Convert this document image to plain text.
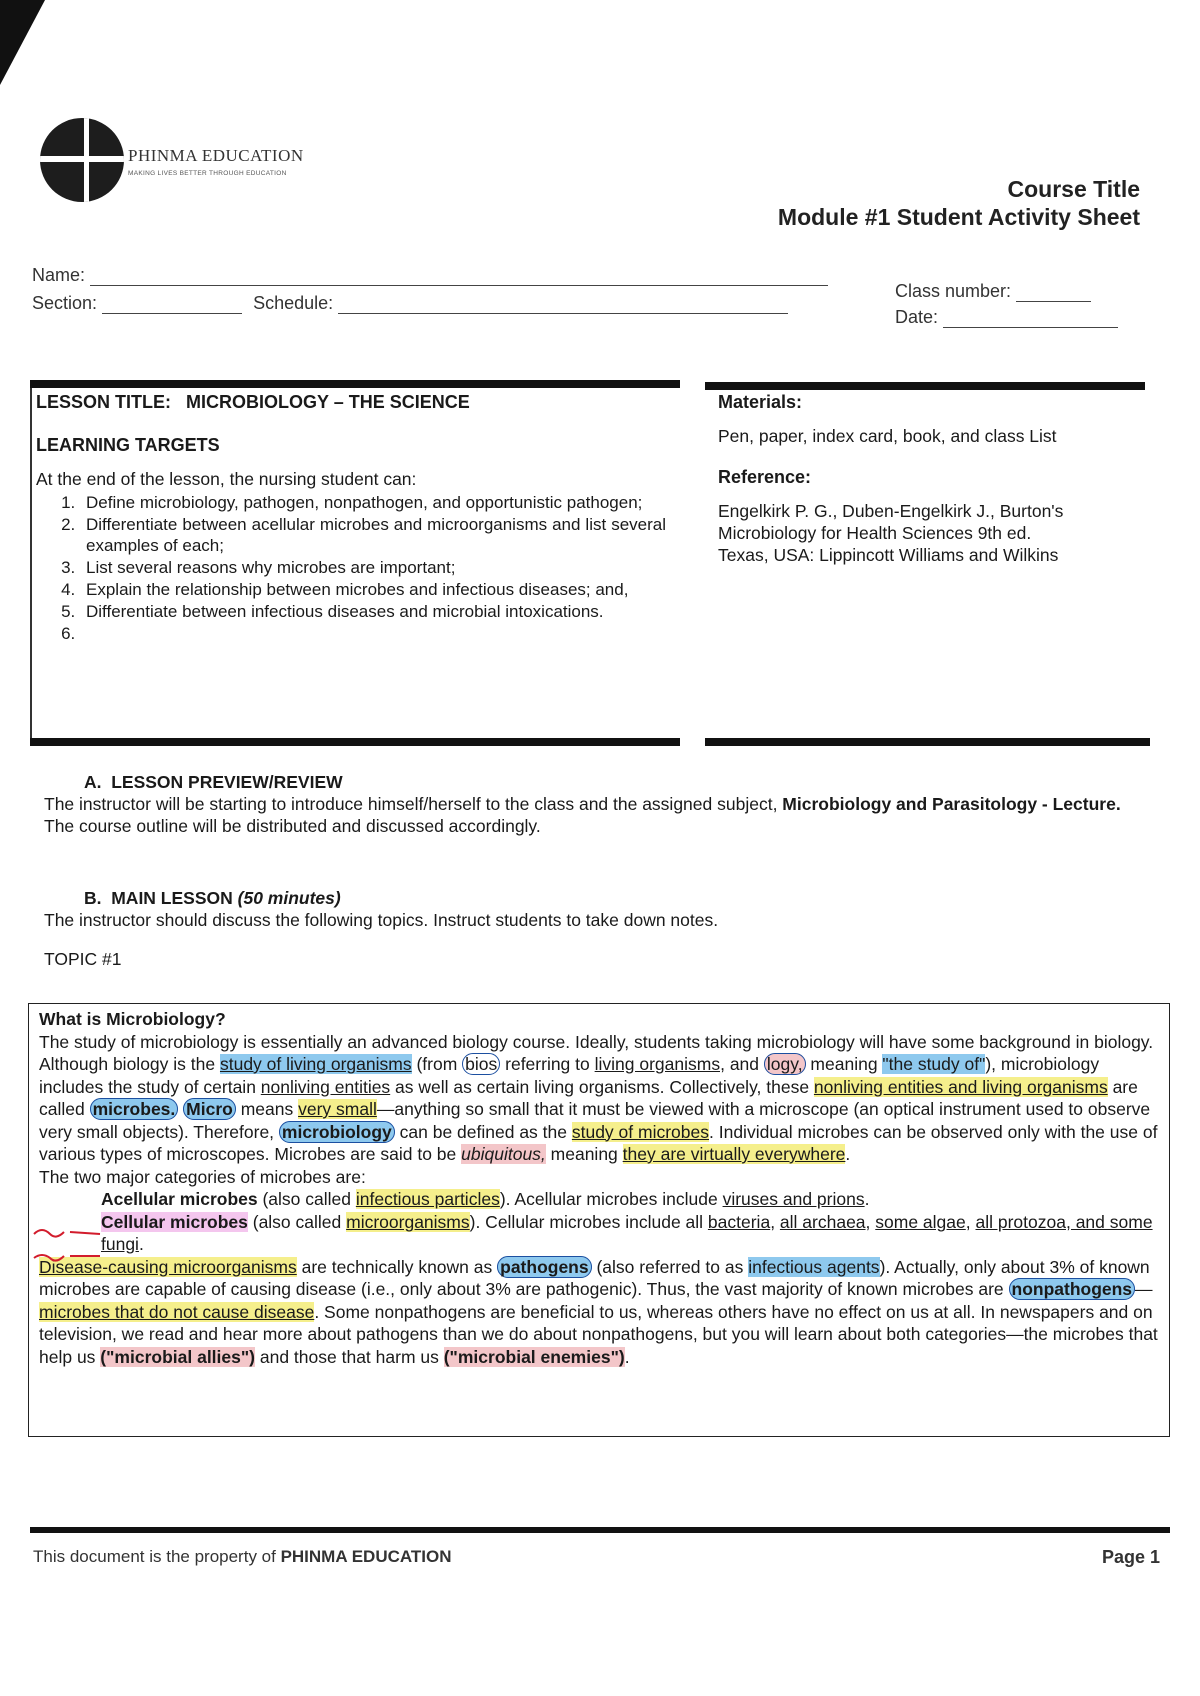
PHINMA EDUCATION
MAKING LIVES BETTER THROUGH EDUCATION
Course Title
Module #1 Student Activity Sheet
Name:
Section:	Schedule:
Class number:
Date:
LESSON TITLE: MICROBIOLOGY – THE SCIENCE
LEARNING TARGETS
At the end of the lesson, the nursing student can:
1. Define microbiology, pathogen, nonpathogen, and opportunistic pathogen;
2. Differentiate between acellular microbes and microorganisms and list several examples of each;
3. List several reasons why microbes are important;
4. Explain the relationship between microbes and infectious diseases; and,
5. Differentiate between infectious diseases and microbial intoxications.
6.
Materials:
Pen, paper, index card, book, and class List
Reference:
Engelkirk P. G., Duben-Engelkirk J., Burton's
Microbiology for Health Sciences 9th ed.
Texas, USA: Lippincott Williams and Wilkins
A.  LESSON PREVIEW/REVIEW
The instructor will be starting to introduce himself/herself to the class and the assigned subject, Microbiology and Parasitology - Lecture. The course outline will be distributed and discussed accordingly.
B.  MAIN LESSON (50 minutes)
The instructor should discuss the following topics. Instruct students to take down notes.
TOPIC #1

What is Microbiology?

The study of microbiology is essentially an advanced biology course. Ideally, students taking microbiology will have some background in biology. Although biology is the study of living organisms (from bios referring to living organisms, and logy, meaning "the study of"), microbiology includes the study of certain nonliving entities as well as certain living organisms. Collectively, these nonliving entities and living organisms are called microbes. Micro means very small—anything so small that it must be viewed with a microscope (an optical instrument used to observe very small objects). Therefore, microbiology can be defined as the study of microbes. Individual microbes can be observed only with the use of various types of microscopes. Microbes are said to be ubiquitous, meaning they are virtually everywhere.

The two major categories of microbes are:

Acellular microbes (also called infectious particles). Acellular microbes include viruses and prions.

Cellular microbes (also called microorganisms). Cellular microbes include all bacteria, all archaea, some algae, all protozoa, and some fungi.

Disease-causing microorganisms are technically known as pathogens (also referred to as infectious agents). Actually, only about 3% of known microbes are capable of causing disease (i.e., only about 3% are pathogenic). Thus, the vast majority of known microbes are nonpathogens — microbes that do not cause disease. Some nonpathogens are beneficial to us, whereas others have no effect on us at all. In newspapers and on television, we read and hear more about pathogens than we do about nonpathogens, but you will learn about both categories—the microbes that help us ("microbial allies") and those that harm us ("microbial enemies").

This document is the property of PHINMA EDUCATION	Page 1
